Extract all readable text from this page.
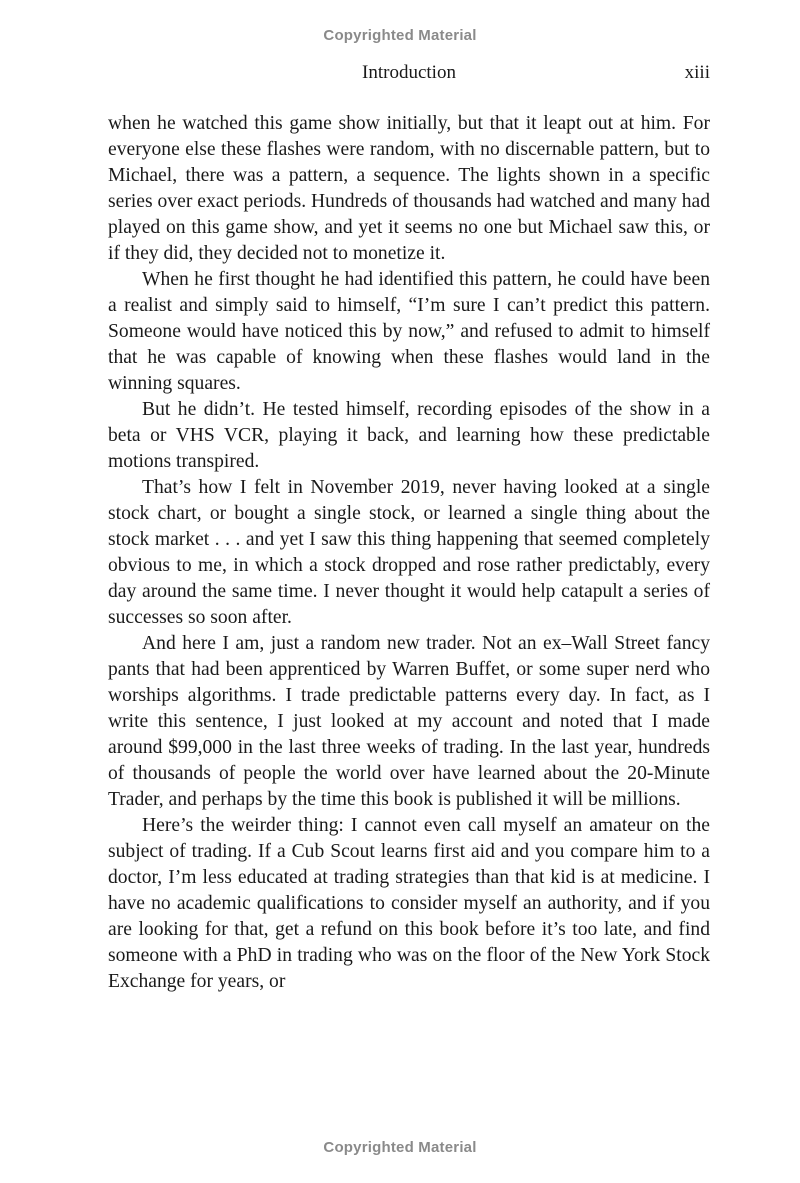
Copyrighted Material
Introduction	xiii

when he watched this game show initially, but that it leapt out at him. For everyone else these flashes were random, with no discernable pattern, but to Michael, there was a pattern, a sequence. The lights shown in a specific series over exact periods. Hundreds of thousands had watched and many had played on this game show, and yet it seems no one but Michael saw this, or if they did, they decided not to monetize it.

When he first thought he had identified this pattern, he could have been a realist and simply said to himself, “I’m sure I can’t predict this pattern. Someone would have noticed this by now,” and refused to admit to himself that he was capable of knowing when these flashes would land in the winning squares.

But he didn’t. He tested himself, recording episodes of the show in a beta or VHS VCR, playing it back, and learning how these predictable motions transpired.

That’s how I felt in November 2019, never having looked at a single stock chart, or bought a single stock, or learned a single thing about the stock market . . . and yet I saw this thing happening that seemed completely obvious to me, in which a stock dropped and rose rather predictably, every day around the same time. I never thought it would help catapult a series of successes so soon after.

And here I am, just a random new trader. Not an ex–Wall Street fancy pants that had been apprenticed by Warren Buffet, or some super nerd who worships algorithms. I trade predictable patterns every day. In fact, as I write this sentence, I just looked at my account and noted that I made around $99,000 in the last three weeks of trading. In the last year, hundreds of thousands of people the world over have learned about the 20-Minute Trader, and perhaps by the time this book is published it will be millions.

Here’s the weirder thing: I cannot even call myself an amateur on the subject of trading. If a Cub Scout learns first aid and you compare him to a doctor, I’m less educated at trading strategies than that kid is at medicine. I have no academic qualifications to consider myself an authority, and if you are looking for that, get a refund on this book before it’s too late, and find someone with a PhD in trading who was on the floor of the New York Stock Exchange for years, or

Copyrighted Material
